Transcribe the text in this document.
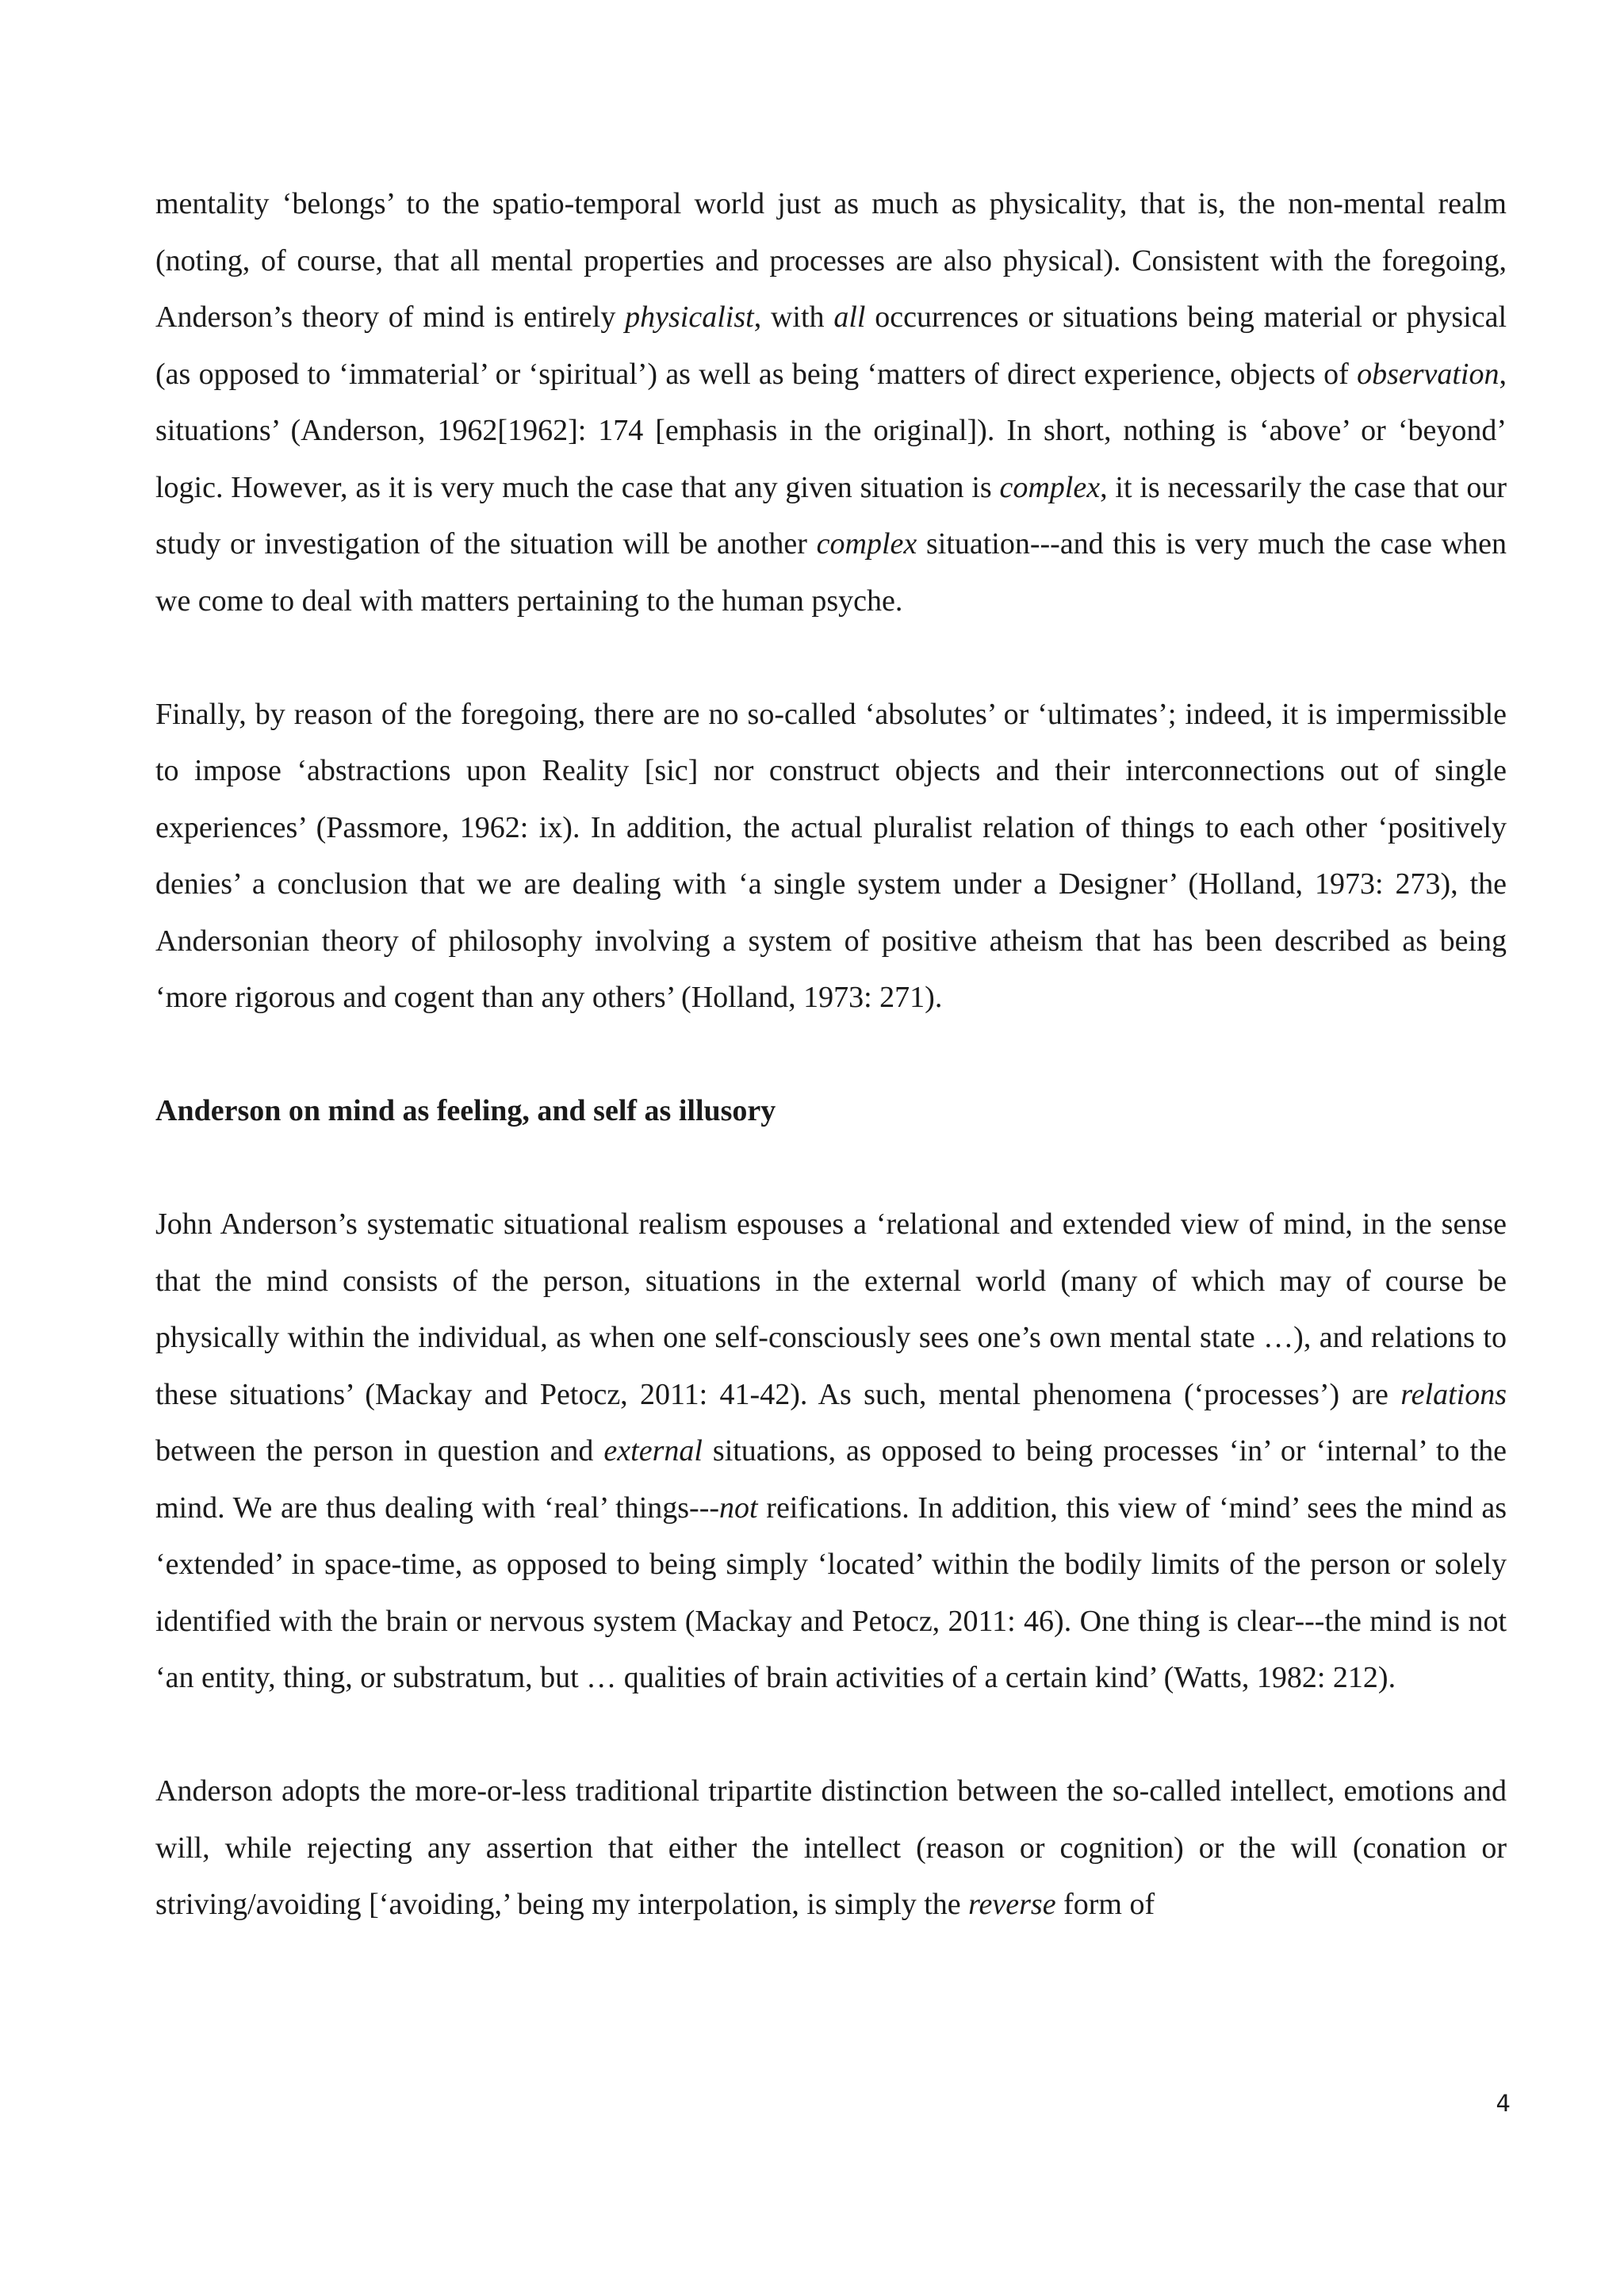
mentality ‘belongs’ to the spatio-temporal world just as much as physicality, that is, the non-mental realm (noting, of course, that all mental properties and processes are also physical). Consistent with the foregoing, Anderson’s theory of mind is entirely physicalist, with all occurrences or situations being material or physical (as opposed to ‘immaterial’ or ‘spiritual’) as well as being ‘matters of direct experience, objects of observation, situations’ (Anderson, 1962[1962]: 174 [emphasis in the original]). In short, nothing is ‘above’ or ‘beyond’ logic. However, as it is very much the case that any given situation is complex, it is necessarily the case that our study or investigation of the situation will be another complex situation---and this is very much the case when we come to deal with matters pertaining to the human psyche.

Finally, by reason of the foregoing, there are no so-called ‘absolutes’ or ‘ultimates’; indeed, it is impermissible to impose ‘abstractions upon Reality [sic] nor construct objects and their interconnections out of single experiences’ (Passmore, 1962: ix). In addition, the actual pluralist relation of things to each other ‘positively denies’ a conclusion that we are dealing with ‘a single system under a Designer’ (Holland, 1973: 273), the Andersonian theory of philosophy involving a system of positive atheism that has been described as being ‘more rigorous and cogent than any others’ (Holland, 1973: 271).

Anderson on mind as feeling, and self as illusory

John Anderson’s systematic situational realism espouses a ‘relational and extended view of mind, in the sense that the mind consists of the person, situations in the external world (many of which may of course be physically within the individual, as when one self-consciously sees one’s own mental state …), and relations to these situations’ (Mackay and Petocz, 2011: 41-42). As such, mental phenomena (‘processes’) are relations between the person in question and external situations, as opposed to being processes ‘in’ or ‘internal’ to the mind. We are thus dealing with ‘real’ things---not reifications. In addition, this view of ‘mind’ sees the mind as ‘extended’ in space-time, as opposed to being simply ‘located’ within the bodily limits of the person or solely identified with the brain or nervous system (Mackay and Petocz, 2011: 46). One thing is clear---the mind is not ‘an entity, thing, or substratum, but … qualities of brain activities of a certain kind’ (Watts, 1982: 212).

Anderson adopts the more-or-less traditional tripartite distinction between the so-called intellect, emotions and will, while rejecting any assertion that either the intellect (reason or cognition) or the will (conation or striving/avoiding [‘avoiding,’ being my interpolation, is simply the reverse form of

4
